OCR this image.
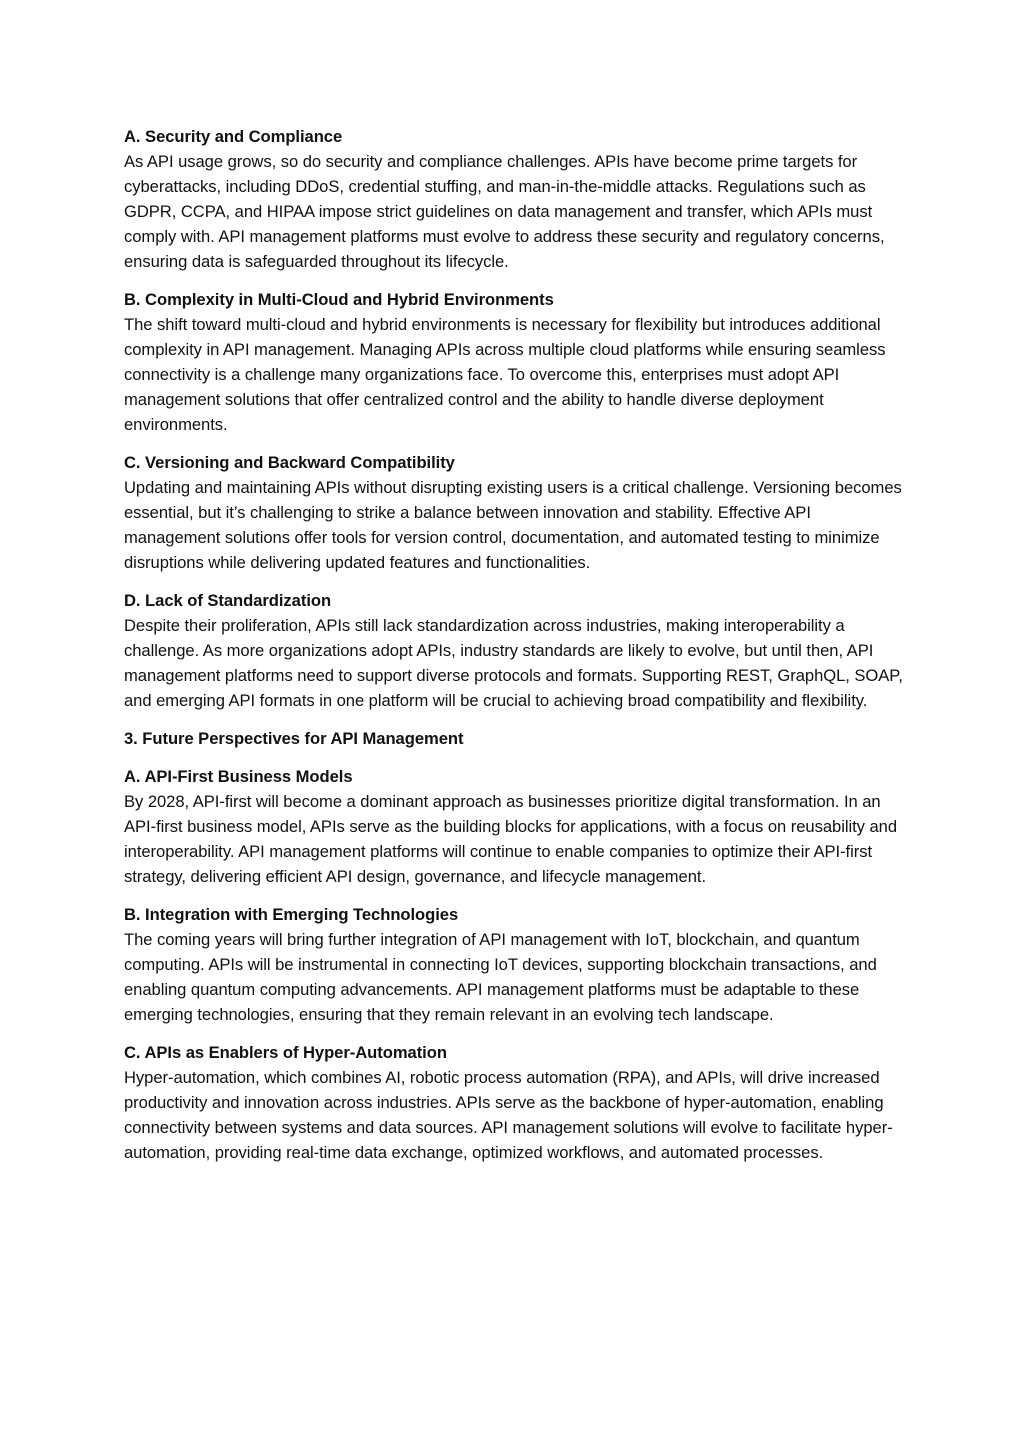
A. Security and Compliance

As API usage grows, so do security and compliance challenges. APIs have become prime targets for cyberattacks, including DDoS, credential stuffing, and man-in-the-middle attacks. Regulations such as GDPR, CCPA, and HIPAA impose strict guidelines on data management and transfer, which APIs must comply with. API management platforms must evolve to address these security and regulatory concerns, ensuring data is safeguarded throughout its lifecycle.

B. Complexity in Multi-Cloud and Hybrid Environments

The shift toward multi-cloud and hybrid environments is necessary for flexibility but introduces additional complexity in API management. Managing APIs across multiple cloud platforms while ensuring seamless connectivity is a challenge many organizations face. To overcome this, enterprises must adopt API management solutions that offer centralized control and the ability to handle diverse deployment environments.

C. Versioning and Backward Compatibility

Updating and maintaining APIs without disrupting existing users is a critical challenge. Versioning becomes essential, but it’s challenging to strike a balance between innovation and stability. Effective API management solutions offer tools for version control, documentation, and automated testing to minimize disruptions while delivering updated features and functionalities.

D. Lack of Standardization

Despite their proliferation, APIs still lack standardization across industries, making interoperability a challenge. As more organizations adopt APIs, industry standards are likely to evolve, but until then, API management platforms need to support diverse protocols and formats. Supporting REST, GraphQL, SOAP, and emerging API formats in one platform will be crucial to achieving broad compatibility and flexibility.

3. Future Perspectives for API Management

A. API-First Business Models

By 2028, API-first will become a dominant approach as businesses prioritize digital transformation. In an API-first business model, APIs serve as the building blocks for applications, with a focus on reusability and interoperability. API management platforms will continue to enable companies to optimize their API-first strategy, delivering efficient API design, governance, and lifecycle management.

B. Integration with Emerging Technologies

The coming years will bring further integration of API management with IoT, blockchain, and quantum computing. APIs will be instrumental in connecting IoT devices, supporting blockchain transactions, and enabling quantum computing advancements. API management platforms must be adaptable to these emerging technologies, ensuring that they remain relevant in an evolving tech landscape.

C. APIs as Enablers of Hyper-Automation

Hyper-automation, which combines AI, robotic process automation (RPA), and APIs, will drive increased productivity and innovation across industries. APIs serve as the backbone of hyper-automation, enabling connectivity between systems and data sources. API management solutions will evolve to facilitate hyper-automation, providing real-time data exchange, optimized workflows, and automated processes.
